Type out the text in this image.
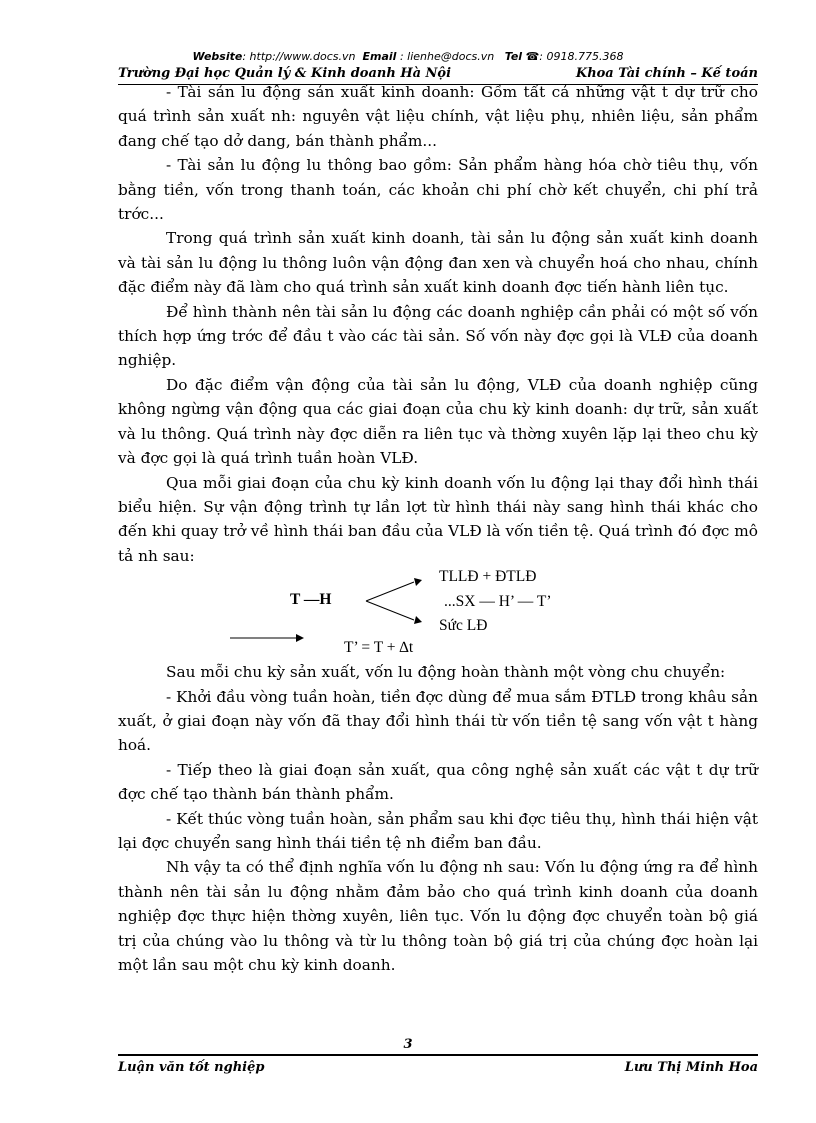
Website: http://www.docs.vn Email : lienhe@docs.vn Tel ☎: 0918.775.368
Trường Đại học Quản lý & Kinh doanh Hà Nội	Khoa Tài chính – Kế toán

- Tài sản lu động sản xuất kinh doanh: Gồm tất cả những vật t dự trữ cho quá trình sản xuất nh: nguyên vật liệu chính, vật liệu phụ, nhiên liệu, sản phẩm đang chế tạo dở dang, bán thành phẩm...

- Tài sản lu động lu thông bao gồm: Sản phẩm hàng hóa chờ tiêu thụ, vốn bằng tiền, vốn trong thanh toán, các khoản chi phí chờ kết chuyển, chi phí trả trớc...

Trong quá trình sản xuất kinh doanh, tài sản lu động sản xuất kinh doanh và tài sản lu động lu thông luôn vận động đan xen và chuyển hoá cho nhau, chính đặc điểm này đã làm cho quá trình sản xuất kinh doanh đợc tiến hành liên tục.

Để hình thành nên tài sản lu động các doanh nghiệp cần phải có một số vốn thích hợp ứng trớc để đầu t vào các tài sản. Số vốn này đợc gọi là VLĐ của doanh nghiệp.

Do đặc điểm vận động của tài sản lu động, VLĐ của doanh nghiệp cũng không ngừng vận động qua các giai đoạn của chu kỳ kinh doanh: dự trữ, sản xuất và lu thông. Quá trình này đợc diễn ra liên tục và thờng xuyên lặp lại theo chu kỳ và đợc gọi là quá trình tuần hoàn VLĐ.

Qua mỗi giai đoạn của chu kỳ kinh doanh vốn lu động lại thay đổi hình thái biểu hiện. Sự vận động trình tự lần lợt từ hình thái này sang hình thái khác cho đến khi quay trở về hình thái ban đầu của VLĐ là vốn tiền tệ. Quá trình đó đợc mô tả nh sau:

T —H
TLLĐ + ĐTLĐ
...SX — H’ — T’
Sức LĐ
T’ = T + ∆t

Sau mỗi chu kỳ sản xuất, vốn lu động hoàn thành một vòng chu chuyển:

- Khởi đầu vòng tuần hoàn, tiền đợc dùng để mua sắm ĐTLĐ trong khâu sản xuất, ở giai đoạn này vốn đã thay đổi hình thái từ vốn tiền tệ sang vốn vật t hàng hoá.

- Tiếp theo là giai đoạn sản xuất, qua công nghệ sản xuất các vật t dự trữ đợc chế tạo thành bán thành phẩm.

- Kết thúc vòng tuần hoàn, sản phẩm sau khi đợc tiêu thụ, hình thái hiện vật lại đợc chuyển sang hình thái tiền tệ nh điểm ban đầu.

Nh vậy ta có thể định nghĩa vốn lu động nh sau: Vốn lu động ứng ra để hình thành nên tài sản lu động nhằm đảm bảo cho quá trình kinh doanh của doanh nghiệp đợc thực hiện thờng xuyên, liên tục. Vốn lu động đợc chuyển toàn bộ giá trị của chúng vào lu thông và từ lu thông toàn bộ giá trị của chúng đợc hoàn lại một lần sau một chu kỳ kinh doanh.

3
Luận văn tốt nghiệp	Lưu Thị Minh Hoa
